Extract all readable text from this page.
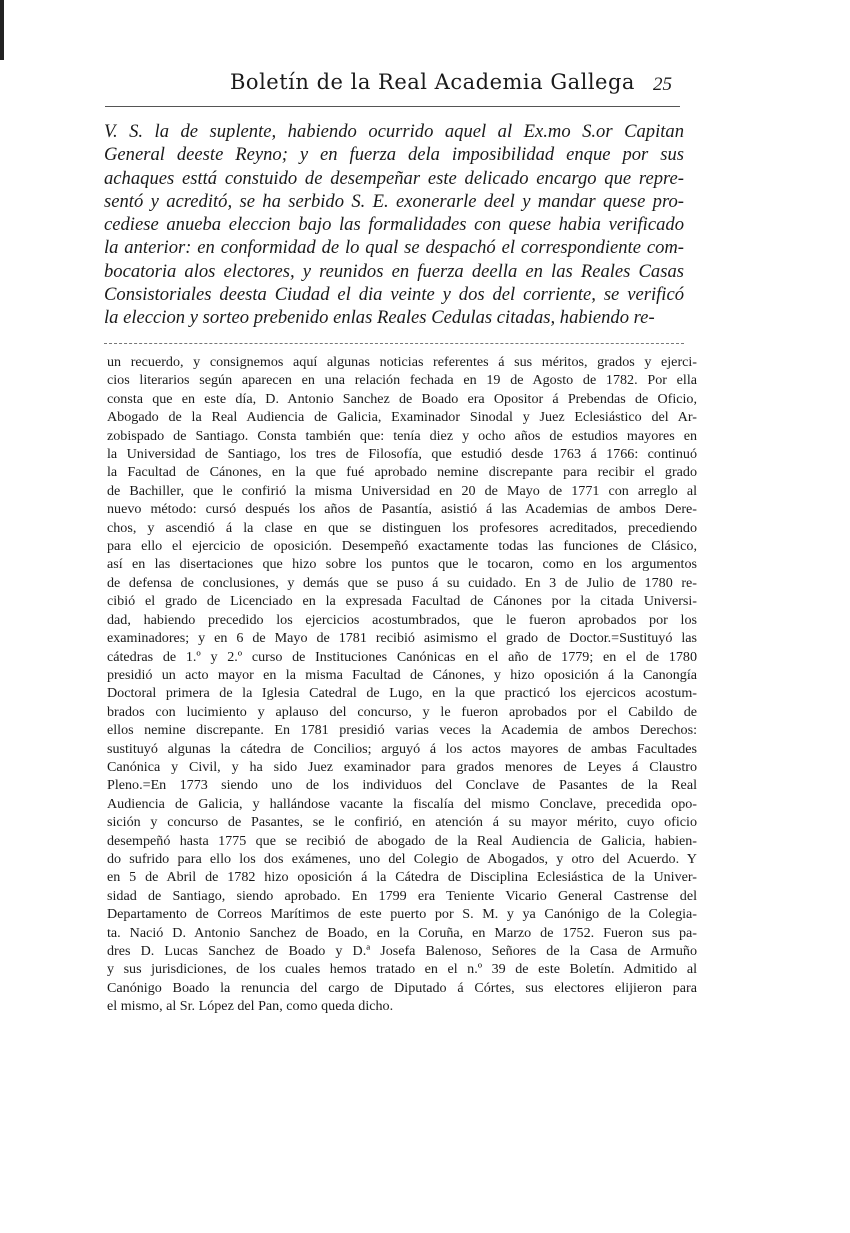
Boletín de la Real Academia Gallega 25
V. S. la de suplente, habiendo ocurrido aquel al Ex.mo S.or Capitan
General deeste Reyno; y en fuerza dela imposibilidad enque por sus
achaques esttá constuido de desempeñar este delicado encargo que repre-
sentó y acreditó, se ha serbido S. E. exonerarle deel y mandar quese pro-
cediese anueba eleccion bajo las formalidades con quese habia verificado
la anterior: en conformidad de lo qual se despachó el correspondiente com-
bocatoria alos electores, y reunidos en fuerza deella en las Reales Casas
Consistoriales deesta Ciudad el dia veinte y dos del corriente, se verificó
la eleccion y sorteo prebenido enlas Reales Cedulas citadas, habiendo re-
un recuerdo, y consignemos aquí algunas noticias referentes á sus méritos, grados y ejerci-
cios literarios según aparecen en una relación fechada en 19 de Agosto de 1782. Por ella
consta que en este día, D. Antonio Sanchez de Boado era Opositor á Prebendas de Oficio,
Abogado de la Real Audiencia de Galicia, Examinador Sinodal y Juez Eclesiástico del Ar-
zobispado de Santiago. Consta también que: tenía diez y ocho años de estudios mayores en
la Universidad de Santiago, los tres de Filosofía, que estudió desde 1763 á 1766: continuó
la Facultad de Cánones, en la que fué aprobado nemine discrepante para recibir el grado
de Bachiller, que le confirió la misma Universidad en 20 de Mayo de 1771 con arreglo al
nuevo método: cursó después los años de Pasantía, asistió á las Academias de ambos Dere-
chos, y ascendió á la clase en que se distinguen los profesores acreditados, precediendo
para ello el ejercicio de oposición. Desempeñó exactamente todas las funciones de Clásico,
así en las disertaciones que hizo sobre los puntos que le tocaron, como en los argumentos
de defensa de conclusiones, y demás que se puso á su cuidado. En 3 de Julio de 1780 re-
cibió el grado de Licenciado en la expresada Facultad de Cánones por la citada Universi-
dad, habiendo precedido los ejercicios acostumbrados, que le fueron aprobados por los
examinadores; y en 6 de Mayo de 1781 recibió asimismo el grado de Doctor.=Sustituyó las
cátedras de 1.º y 2.º curso de Instituciones Canónicas en el año de 1779; en el de 1780
presidió un acto mayor en la misma Facultad de Cánones, y hizo oposición á la Canongía
Doctoral primera de la Iglesia Catedral de Lugo, en la que practicó los ejercicos acostum-
brados con lucimiento y aplauso del concurso, y le fueron aprobados por el Cabildo de
ellos nemine discrepante. En 1781 presidió varias veces la Academia de ambos Derechos:
sustituyó algunas la cátedra de Concilios; arguyó á los actos mayores de ambas Facultades
Canónica y Civil, y ha sido Juez examinador para grados menores de Leyes á Claustro
Pleno.=En 1773 siendo uno de los individuos del Conclave de Pasantes de la Real
Audiencia de Galicia, y hallándose vacante la fiscalía del mismo Conclave, precedida opo-
sición y concurso de Pasantes, se le confirió, en atención á su mayor mérito, cuyo oficio
desempeñó hasta 1775 que se recibió de abogado de la Real Audiencia de Galicia, habien-
do sufrido para ello los dos exámenes, uno del Colegio de Abogados, y otro del Acuerdo. Y
en 5 de Abril de 1782 hizo oposición á la Cátedra de Disciplina Eclesiástica de la Univer-
sidad de Santiago, siendo aprobado. En 1799 era Teniente Vicario General Castrense del
Departamento de Correos Marítimos de este puerto por S. M. y ya Canónigo de la Colegia-
ta. Nació D. Antonio Sanchez de Boado, en la Coruña, en Marzo de 1752. Fueron sus pa-
dres D. Lucas Sanchez de Boado y D.ª Josefa Balenoso, Señores de la Casa de Armuño
y sus jurisdiciones, de los cuales hemos tratado en el n.º 39 de este Boletín. Admitido al
Canónigo Boado la renuncia del cargo de Diputado á Córtes, sus electores elijieron para
el mismo, al Sr. López del Pan, como queda dicho.
